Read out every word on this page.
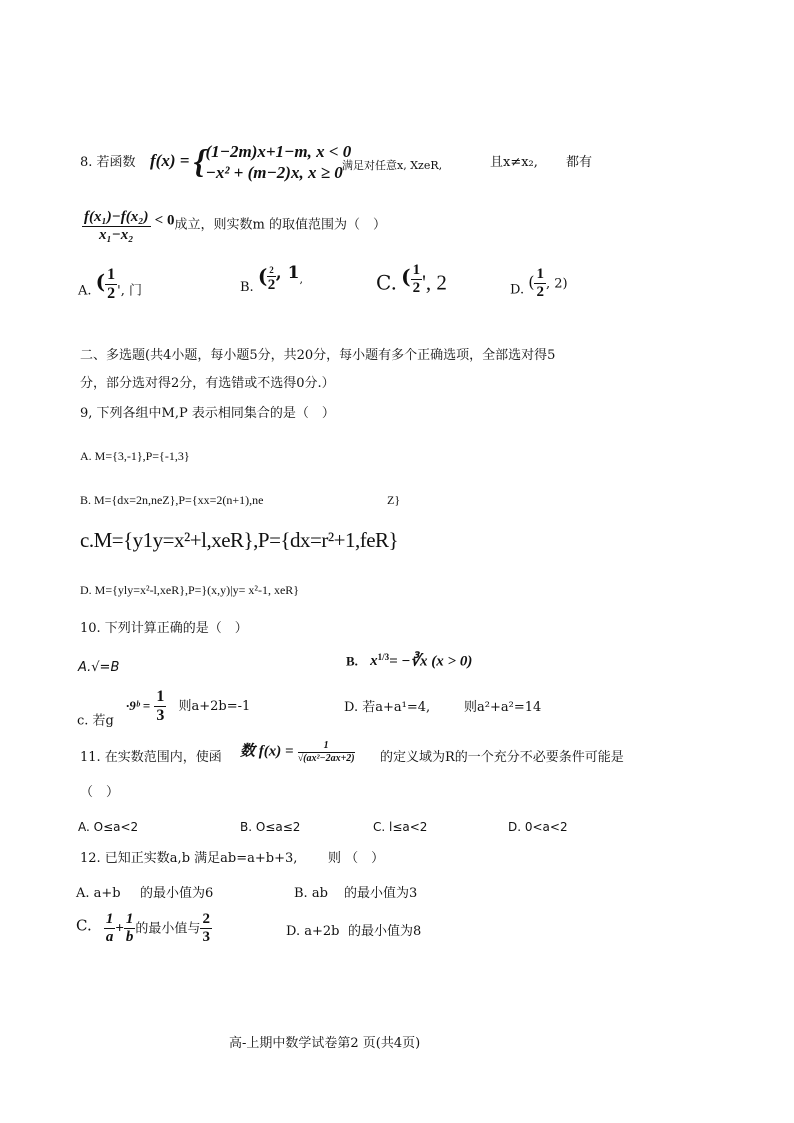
8. 若函数 f(x) = { (1−2m)x+1−m, x < 0
−x² + (m−2)x, x ≥ 0 满足对任意x, XzeR,	且x≠x₂, 都有
$\frac{\text{f(x₁)−f(x₂)}}{\text{x₁−x₂}} < 0$成立，则实数m 的取值范围为（　）
A. ( $\frac{1}{2}$ ', 门	B. ( $\frac{2}{2}$ , 1,	C. ( $\frac{1}{2}$ ', 2	D. ( $\frac{1}{2}$ , 2)
二、多选题(共4小题，每小题5分，共20分，每小题有多个正确选项，全部选对得5
分，部分选对得2分，有选错或不选得0分.）
9, 下列各组中M,P 表示相同集合的是（　）
A. M={3,-1},P={-1,3}
B. M={dx=2n,neZ},P={xx=2(n+1),ne	Z}
c.M={y1y=x²+l,xeR},P={dx=r²+1,feR}
D. M={yly=x²-l,xeR},P=}(x,y)|y= x²-1, xeR}
10. 下列计算正确的是（　）
A.√=B	B. $x^{1/3}=$ −∛x (x > 0)
c. 若g ·9ᵇ = $\frac{1}{3}$ 则a+2b=-1	D. 若a+a¹=4,	则a²+a²=14
11. 在实数范围内，使函 数 $f(x) = \frac{1}{\text{√(ax²−2ax+2)}}$ 的定义域为R的一个充分不必要条件可能是
（　）
A. O≤a<2	B. O≤a≤2	C. l≤a<2	D. 0<a<2
12. 已知正实数a,b 满足ab=a+b+3, 则 （　）
A. a+b 的最小值为6	B. ab 的最小值为3
C. $\frac{1}{a} + \frac{1}{b}$ 的最小值与 $\frac{2}{3}$	D. a+2b 的最小值为8
高-上期中数学试卷第2 页(共4页)
